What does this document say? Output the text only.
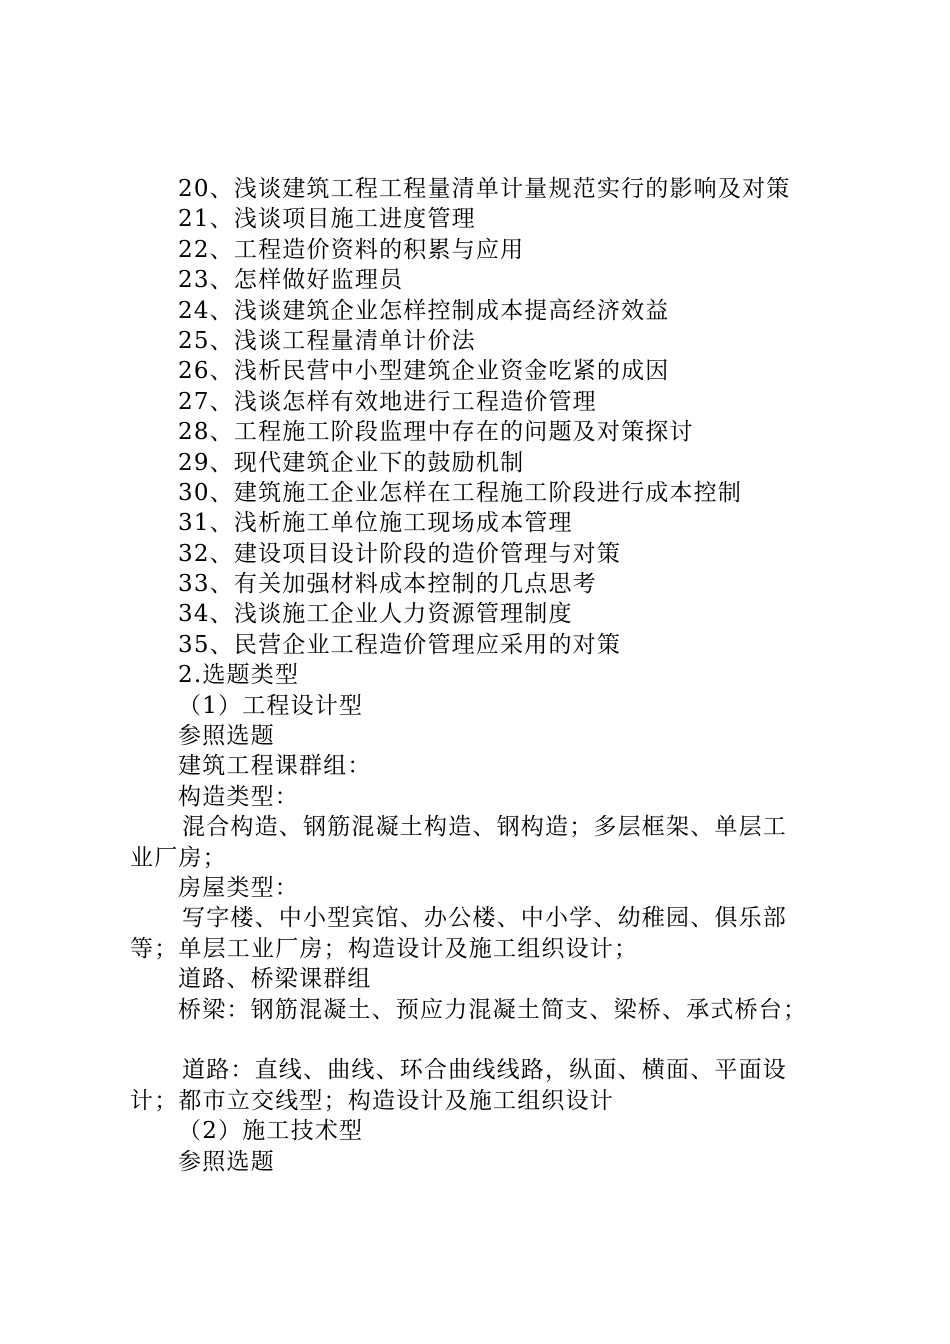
20、浅谈建筑工程工程量清单计量规范实行的影响及对策
21、浅谈项目施工进度管理
22、工程造价资料的积累与应用
23、怎样做好监理员
24、浅谈建筑企业怎样控制成本提高经济效益
25、浅谈工程量清单计价法
26、浅析民营中小型建筑企业资金吃紧的成因
27、浅谈怎样有效地进行工程造价管理
28、工程施工阶段监理中存在的问题及对策探讨
29、现代建筑企业下的鼓励机制
30、建筑施工企业怎样在工程施工阶段进行成本控制
31、浅析施工单位施工现场成本管理
32、建设项目设计阶段的造价管理与对策
33、有关加强材料成本控制的几点思考
34、浅谈施工企业人力资源管理制度
35、民营企业工程造价管理应采用的对策
2.选题类型
（1）工程设计型
参照选题
建筑工程课群组：
构造类型：
混合构造、钢筋混凝土构造、钢构造；多层框架、单层工
业厂房；
房屋类型：
写字楼、中小型宾馆、办公楼、中小学、幼稚园、俱乐部
等；单层工业厂房；构造设计及施工组织设计；
道路、桥梁课群组
桥梁：钢筋混凝土、预应力混凝土简支、梁桥、承式桥台；
道路：直线、曲线、环合曲线线路，纵面、横面、平面设
计；都市立交线型；构造设计及施工组织设计
（2）施工技术型
参照选题
